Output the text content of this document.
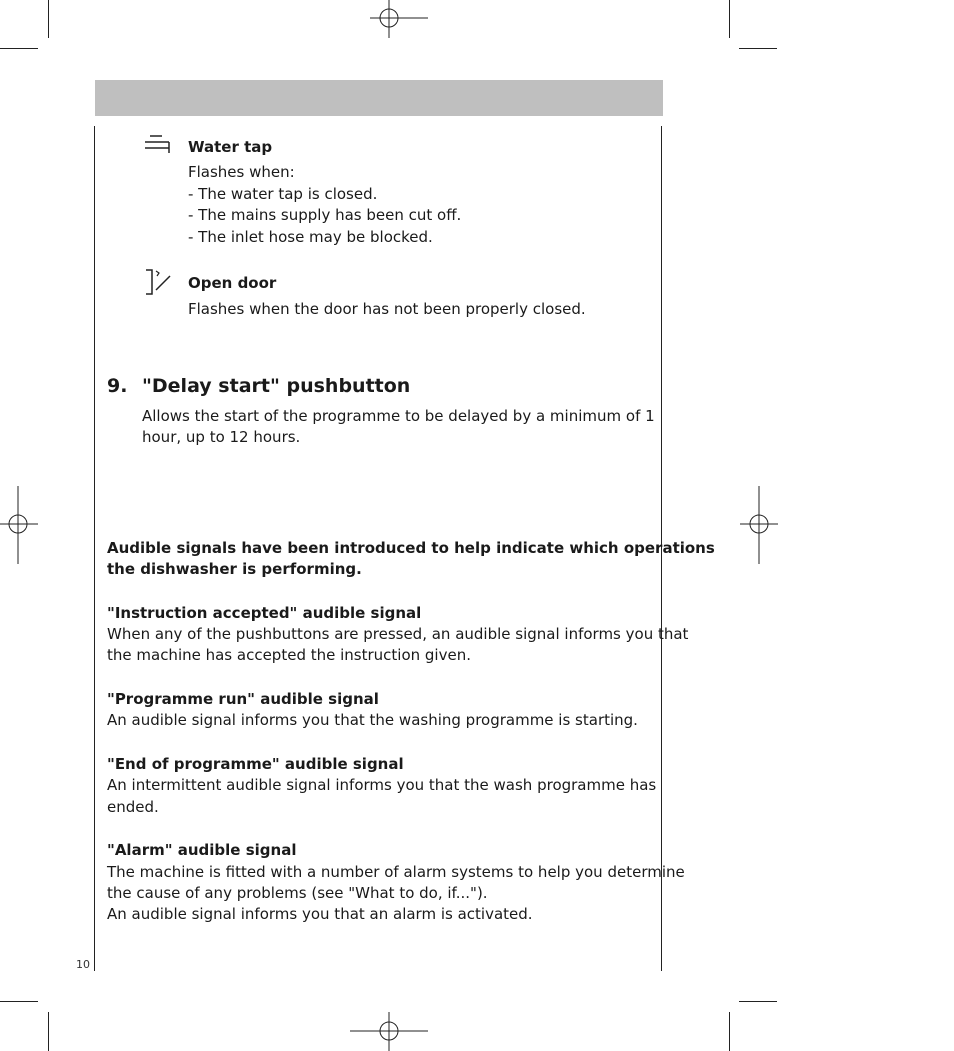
Water tap
Flashes when:
- The water tap is closed.
- The mains supply has been cut off.
- The inlet hose may be blocked.
Open door
Flashes when the door has not been properly closed.
9. "Delay start" pushbutton
Allows the start of the programme to be delayed by a minimum of 1
hour, up to 12 hours.
Audible signals have been introduced to help indicate which operations
the dishwasher is performing.
"Instruction accepted" audible signal
When any of the pushbuttons are pressed, an audible signal informs you that
the machine has accepted the instruction given.
"Programme run" audible signal
An audible signal informs you that the washing programme is starting.
"End of programme" audible signal
An intermittent audible signal informs you that the wash programme has
ended.
"Alarm" audible signal
The machine is fitted with a number of alarm systems to help you determine
the cause of any problems (see "What to do, if...").
An audible signal informs you that an alarm is activated.
10
